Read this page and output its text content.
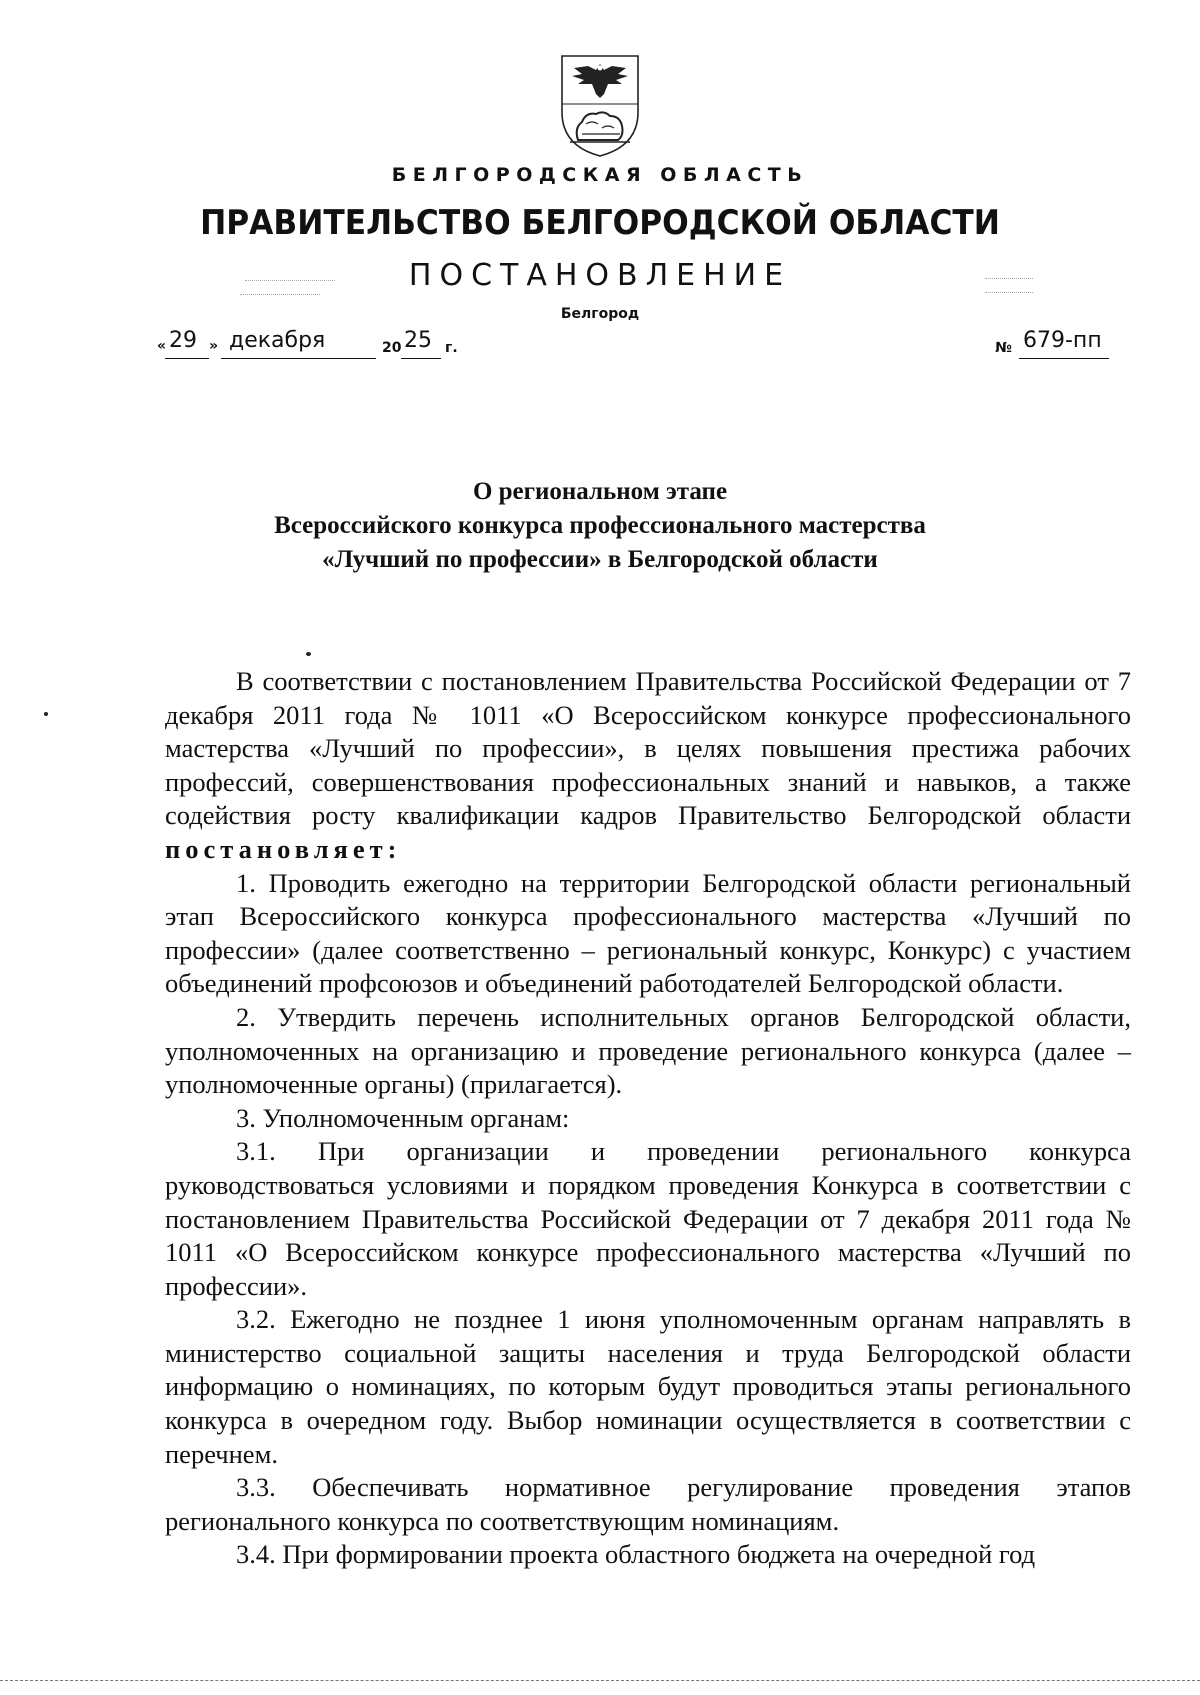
БЕЛГОРОДСКАЯ ОБЛАСТЬ
ПРАВИТЕЛЬСТВО БЕЛГОРОДСКОЙ ОБЛАСТИ
ПОСТАНОВЛЕНИЕ
Белгород
« 29 » декабря	20 25 г.	№ 679-пп
О региональном этапе
Всероссийского конкурса профессионального мастерства
«Лучший по профессии» в Белгородской области

В соответствии с постановлением Правительства Российской Федерации от 7 декабря 2011 года № 1011 «О Всероссийском конкурсе профессионального мастерства «Лучший по профессии», в целях повышения престижа рабочих профессий, совершенствования профессиональных знаний и навыков, а также содействия росту квалификации кадров Правительство Белгородской области постановляет:

1. Проводить ежегодно на территории Белгородской области региональный этап Всероссийского конкурса профессионального мастерства «Лучший по профессии» (далее соответственно – региональный конкурс, Конкурс) с участием объединений профсоюзов и объединений работодателей Белгородской области.

2. Утвердить перечень исполнительных органов Белгородской области, уполномоченных на организацию и проведение регионального конкурса (далее – уполномоченные органы) (прилагается).

3. Уполномоченным органам:

3.1. При организации и проведении регионального конкурса руководствоваться условиями и порядком проведения Конкурса в соответствии с постановлением Правительства Российской Федерации от 7 декабря 2011 года № 1011 «О Всероссийском конкурсе профессионального мастерства «Лучший по профессии».

3.2. Ежегодно не позднее 1 июня уполномоченным органам направлять в министерство социальной защиты населения и труда Белгородской области информацию о номинациях, по которым будут проводиться этапы регионального конкурса в очередном году. Выбор номинации осуществляется в соответствии с перечнем.

3.3. Обеспечивать нормативное регулирование проведения этапов регионального конкурса по соответствующим номинациям.

3.4. При формировании проекта областного бюджета на очередной год
